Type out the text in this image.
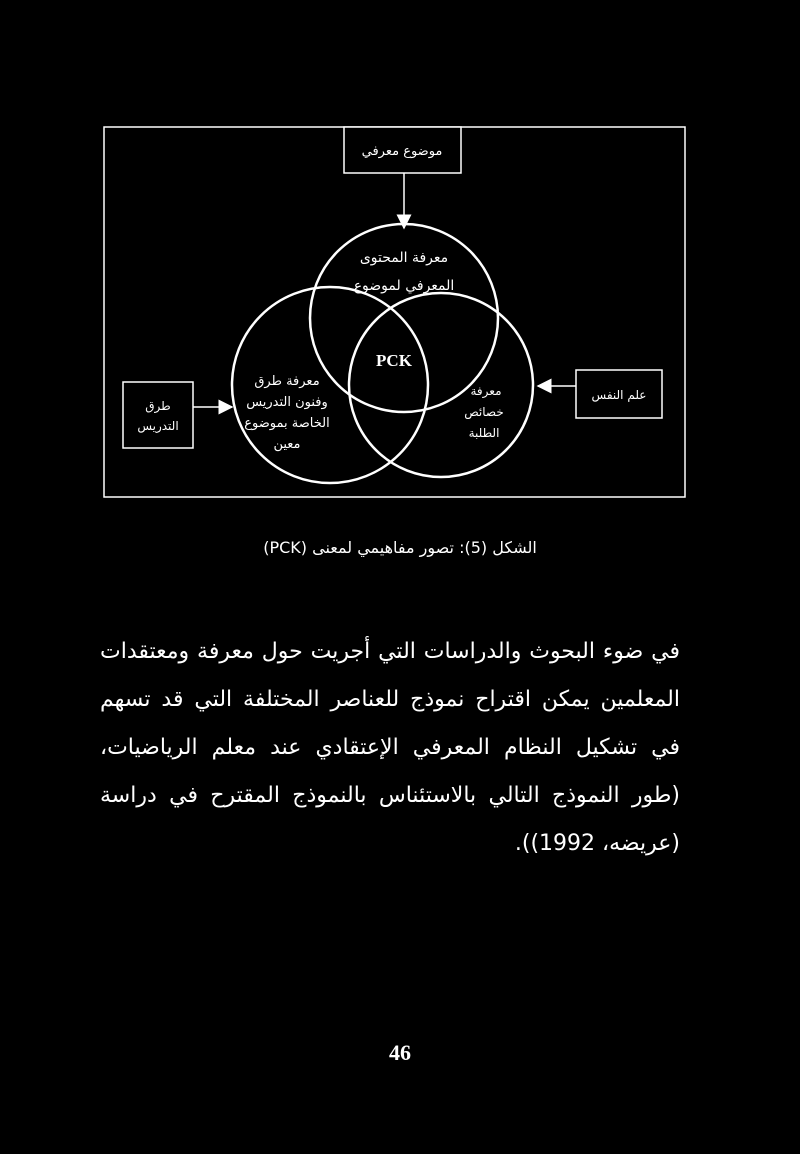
موضوع معرفي
طرق
التدريس
علم النفس
معرفة المحتوى
المعرفي لموضوع
معرفة طرق
وفنون التدريس
الخاصة بموضوع
معين
معرفة
خصائص
الطلبة
PCK
الشكل (5): تصور مفاهيمي لمعنى (PCK)
في ضوء البحوث والدراسات التي أجريت حول معرفة ومعتقدات المعلمين يمكن اقتراح نموذج للعناصر المختلفة التي قد تسهم في تشكيل النظام المعرفي الإعتقادي عند معلم الرياضيات، (طور النموذج التالي بالاستئناس بالنموذج المقترح في دراسة (عريضه، 1992)).
46
